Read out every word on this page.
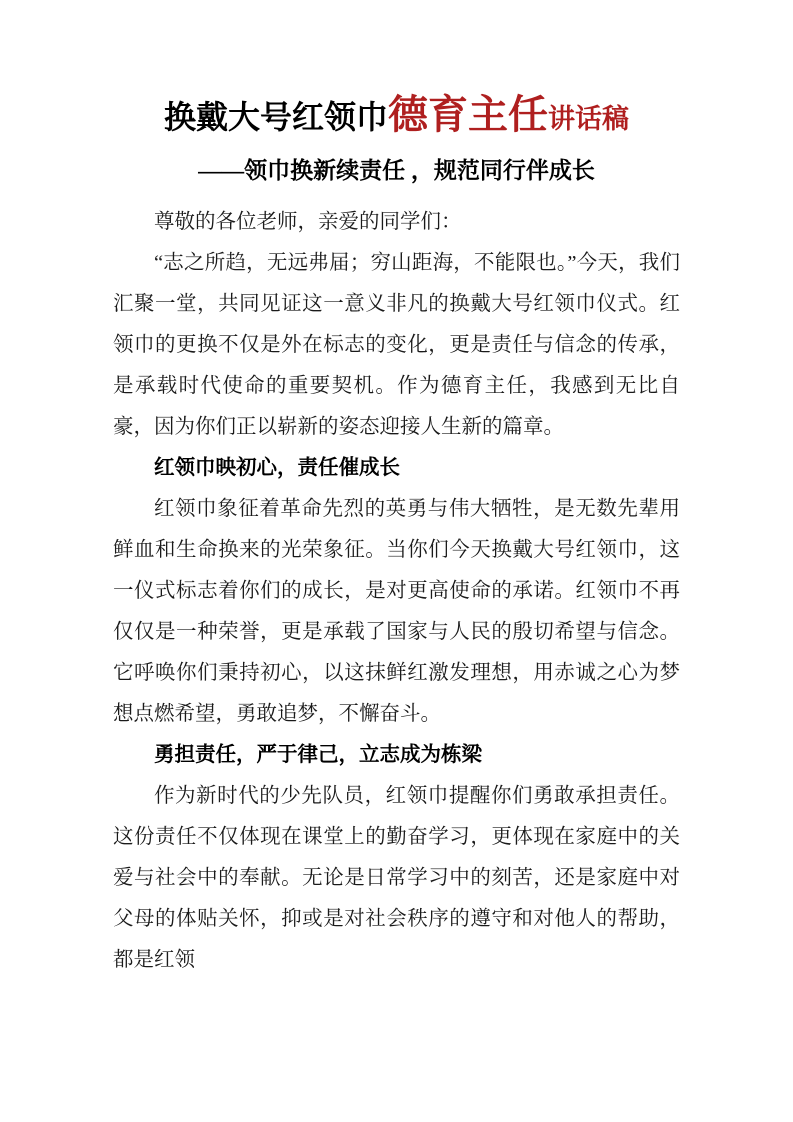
换戴大号红领巾德育主任讲话稿
——领巾换新续责任 ，规范同行伴成长

尊敬的各位老师，亲爱的同学们：

“志之所趋，无远弗届；穷山距海，不能限也。”今天，我们汇聚一堂，共同见证这一意义非凡的换戴大号红领巾仪式。红领巾的更换不仅是外在标志的变化，更是责任与信念的传承，是承载时代使命的重要契机。作为德育主任，我感到无比自豪，因为你们正以崭新的姿态迎接人生新的篇章。

红领巾映初心，责任催成长

红领巾象征着革命先烈的英勇与伟大牺牲，是无数先辈用鲜血和生命换来的光荣象征。当你们今天换戴大号红领巾，这一仪式标志着你们的成长，是对更高使命的承诺。红领巾不再仅仅是一种荣誉，更是承载了国家与人民的殷切希望与信念。它呼唤你们秉持初心，以这抹鲜红激发理想，用赤诚之心为梦想点燃希望，勇敢追梦，不懈奋斗。

勇担责任，严于律己，立志成为栋梁

作为新时代的少先队员，红领巾提醒你们勇敢承担责任。这份责任不仅体现在课堂上的勤奋学习，更体现在家庭中的关爱与社会中的奉献。无论是日常学习中的刻苦，还是家庭中对父母的体贴关怀，抑或是对社会秩序的遵守和对他人的帮助，都是红领
